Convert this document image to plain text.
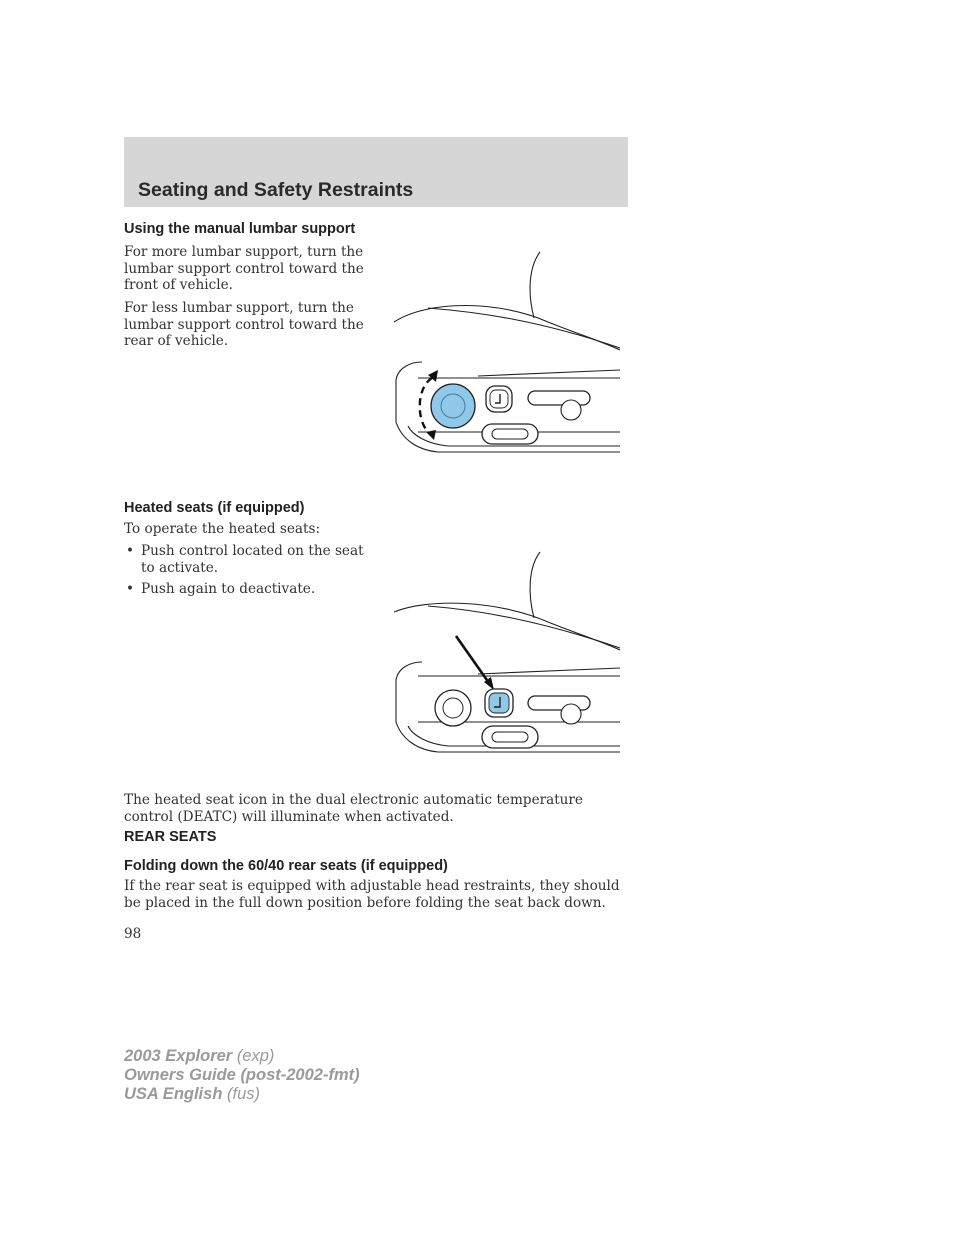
Seating and Safety Restraints
Using the manual lumbar support

For more lumbar support, turn the lumbar support control toward the front of vehicle.

For less lumbar support, turn the lumbar support control toward the rear of vehicle.

Heated seats (if equipped)

To operate the heated seats:

• Push control located on the seat to activate.
• Push again to deactivate.

The heated seat icon in the dual electronic automatic temperature control (DEATC) will illuminate when activated.

REAR SEATS
Folding down the 60/40 rear seats (if equipped)

If the rear seat is equipped with adjustable head restraints, they should be placed in the full down position before folding the seat back down.

98
2003 Explorer (exp)
Owners Guide (post-2002-fmt)
USA English (fus)
